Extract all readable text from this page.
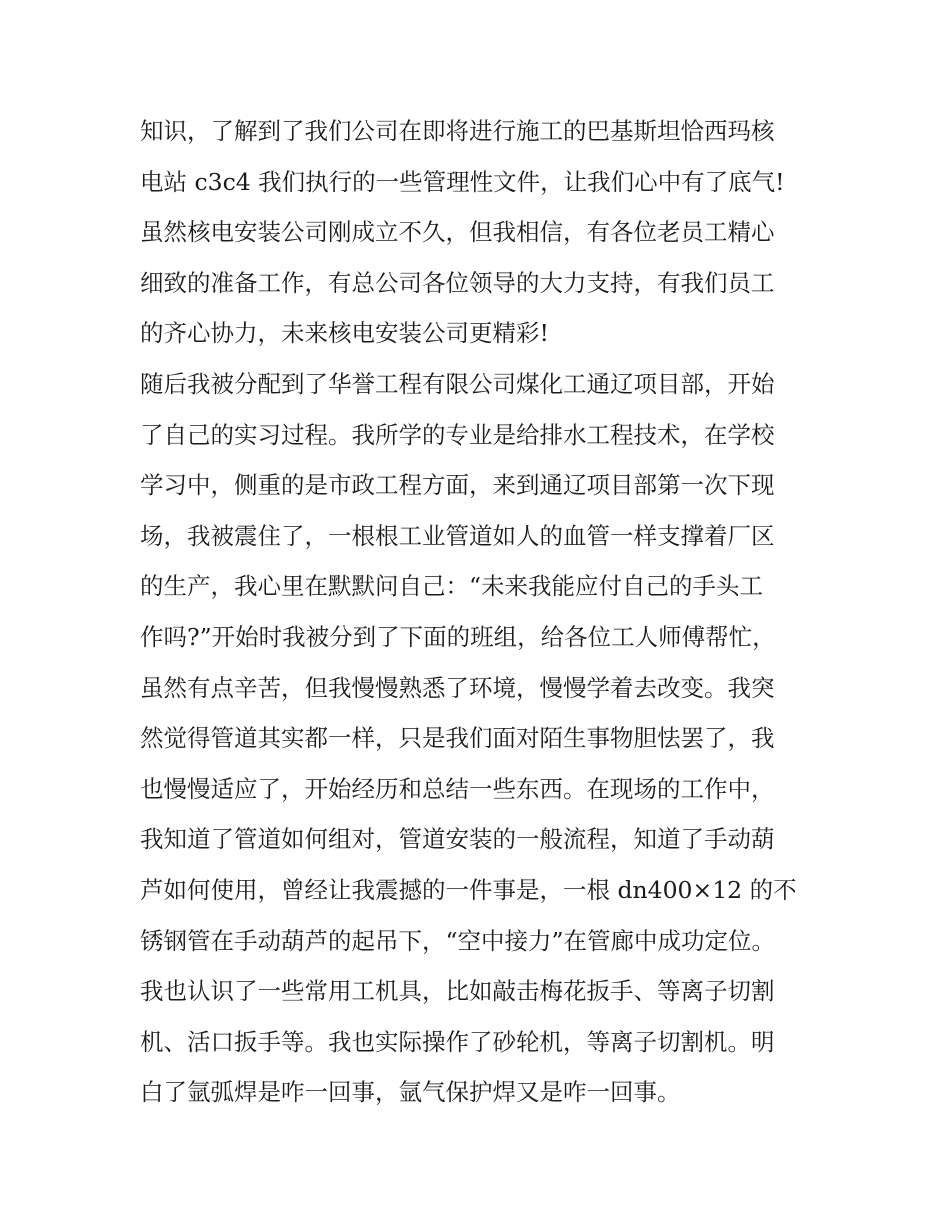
知识，了解到了我们公司在即将进行施工的巴基斯坦恰西玛核
电站 c3c4 我们执行的一些管理性文件，让我们心中有了底气!
虽然核电安装公司刚成立不久，但我相信，有各位老员工精心
细致的准备工作，有总公司各位领导的大力支持，有我们员工
的齐心协力，未来核电安装公司更精彩!
随后我被分配到了华誉工程有限公司煤化工通辽项目部，开始
了自己的实习过程。我所学的专业是给排水工程技术，在学校
学习中，侧重的是市政工程方面，来到通辽项目部第一次下现
场，我被震住了，一根根工业管道如人的血管一样支撑着厂区
的生产，我心里在默默问自己：“未来我能应付自己的手头工
作吗?”开始时我被分到了下面的班组，给各位工人师傅帮忙，
虽然有点辛苦，但我慢慢熟悉了环境，慢慢学着去改变。我突
然觉得管道其实都一样，只是我们面对陌生事物胆怯罢了，我
也慢慢适应了，开始经历和总结一些东西。在现场的工作中，
我知道了管道如何组对，管道安装的一般流程，知道了手动葫
芦如何使用，曾经让我震撼的一件事是，一根 dn400×12 的不
锈钢管在手动葫芦的起吊下，“空中接力”在管廊中成功定位。
我也认识了一些常用工机具，比如敲击梅花扳手、等离子切割
机、活口扳手等。我也实际操作了砂轮机，等离子切割机。明
白了氩弧焊是咋一回事，氩气保护焊又是咋一回事。
